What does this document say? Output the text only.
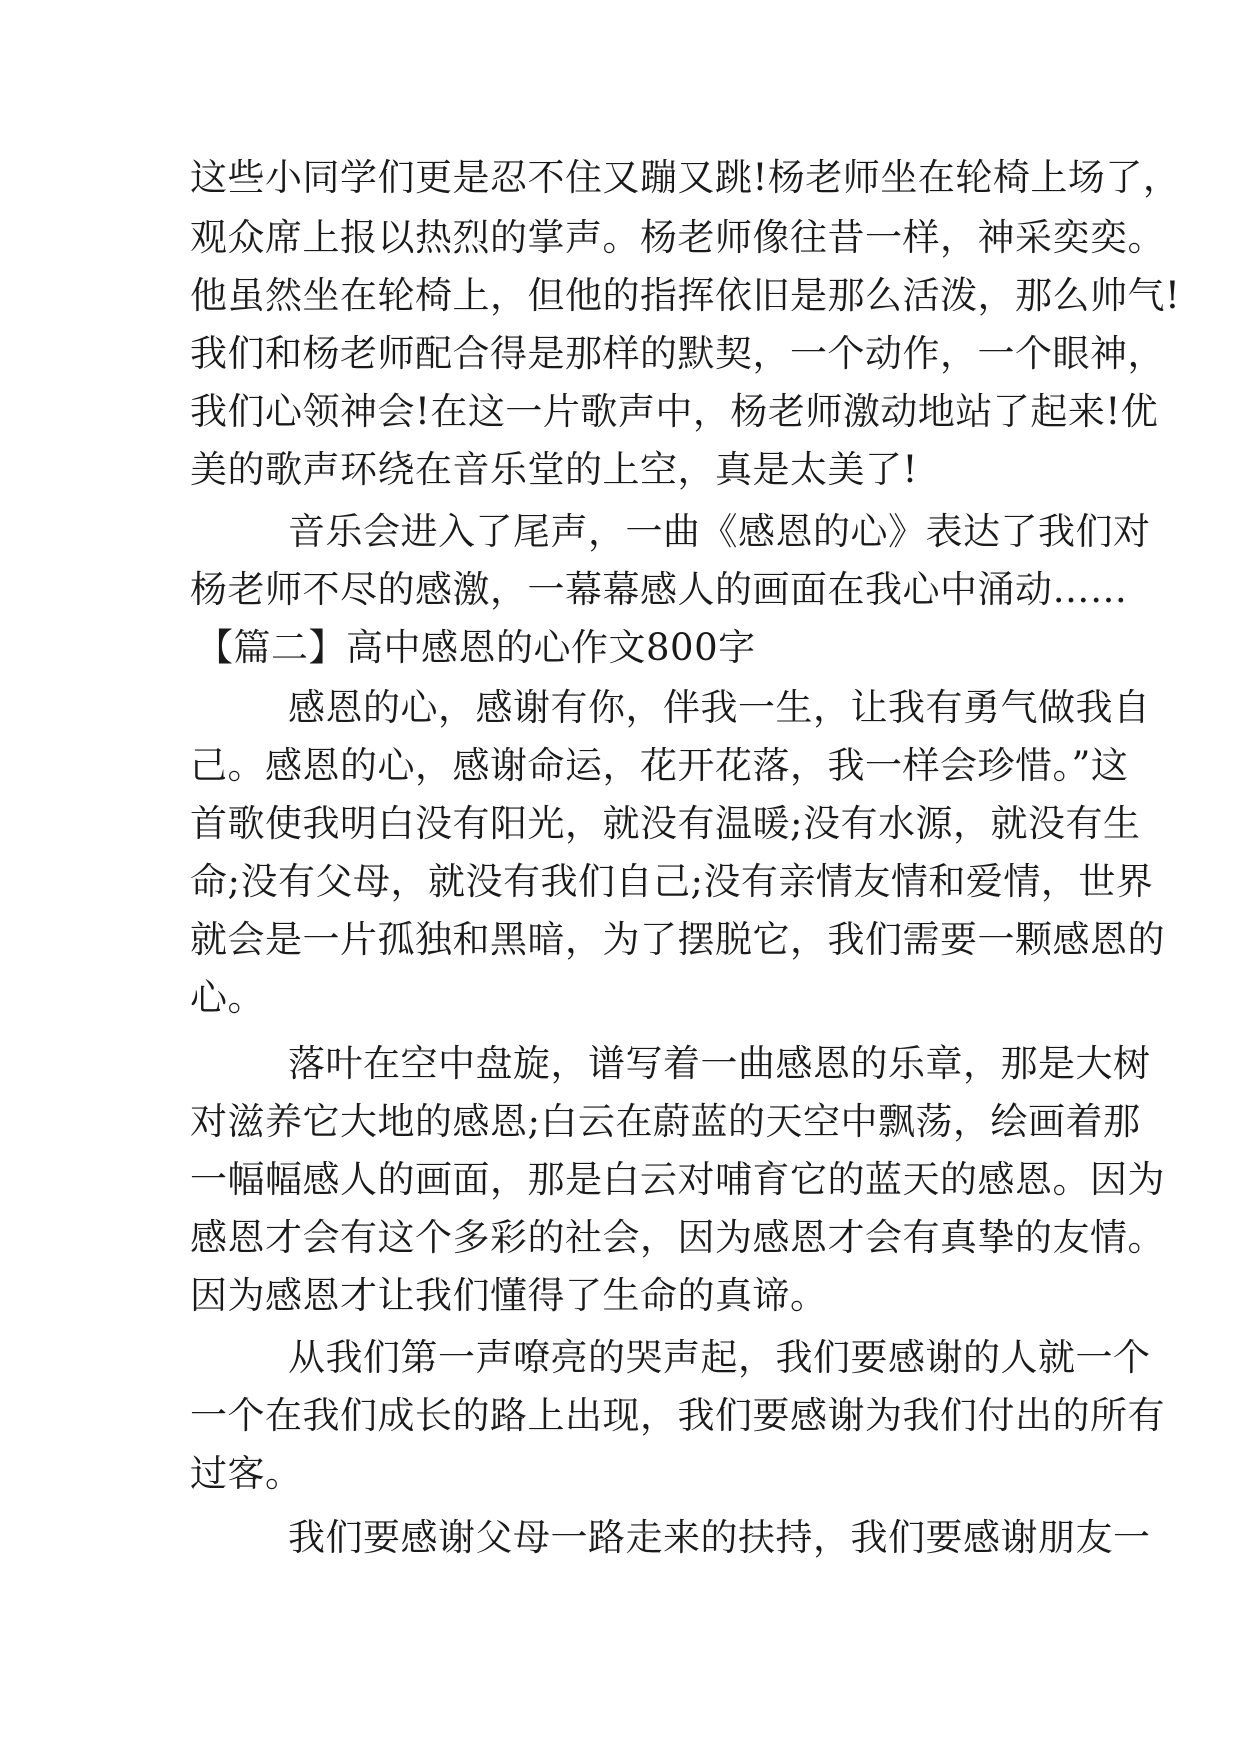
这些小同学们更是忍不住又蹦又跳!杨老师坐在轮椅上场了，
观众席上报以热烈的掌声。杨老师像往昔一样，神采奕奕。
他虽然坐在轮椅上，但他的指挥依旧是那么活泼，那么帅气!
我们和杨老师配合得是那样的默契，一个动作，一个眼神，
我们心领神会!在这一片歌声中，杨老师激动地站了起来!优
美的歌声环绕在音乐堂的上空，真是太美了!
音乐会进入了尾声，一曲《感恩的心》表达了我们对
杨老师不尽的感激，一幕幕感人的画面在我心中涌动……
【篇二】高中感恩的心作文800字
感恩的心，感谢有你，伴我一生，让我有勇气做我自
己。感恩的心，感谢命运，花开花落，我一样会珍惜。”这
首歌使我明白没有阳光，就没有温暖;没有水源，就没有生
命;没有父母，就没有我们自己;没有亲情友情和爱情，世界
就会是一片孤独和黑暗，为了摆脱它，我们需要一颗感恩的
心。
落叶在空中盘旋，谱写着一曲感恩的乐章，那是大树
对滋养它大地的感恩;白云在蔚蓝的天空中飘荡，绘画着那
一幅幅感人的画面，那是白云对哺育它的蓝天的感恩。因为
感恩才会有这个多彩的社会，因为感恩才会有真挚的友情。
因为感恩才让我们懂得了生命的真谛。
从我们第一声嘹亮的哭声起，我们要感谢的人就一个
一个在我们成长的路上出现，我们要感谢为我们付出的所有
过客。
我们要感谢父母一路走来的扶持，我们要感谢朋友一
